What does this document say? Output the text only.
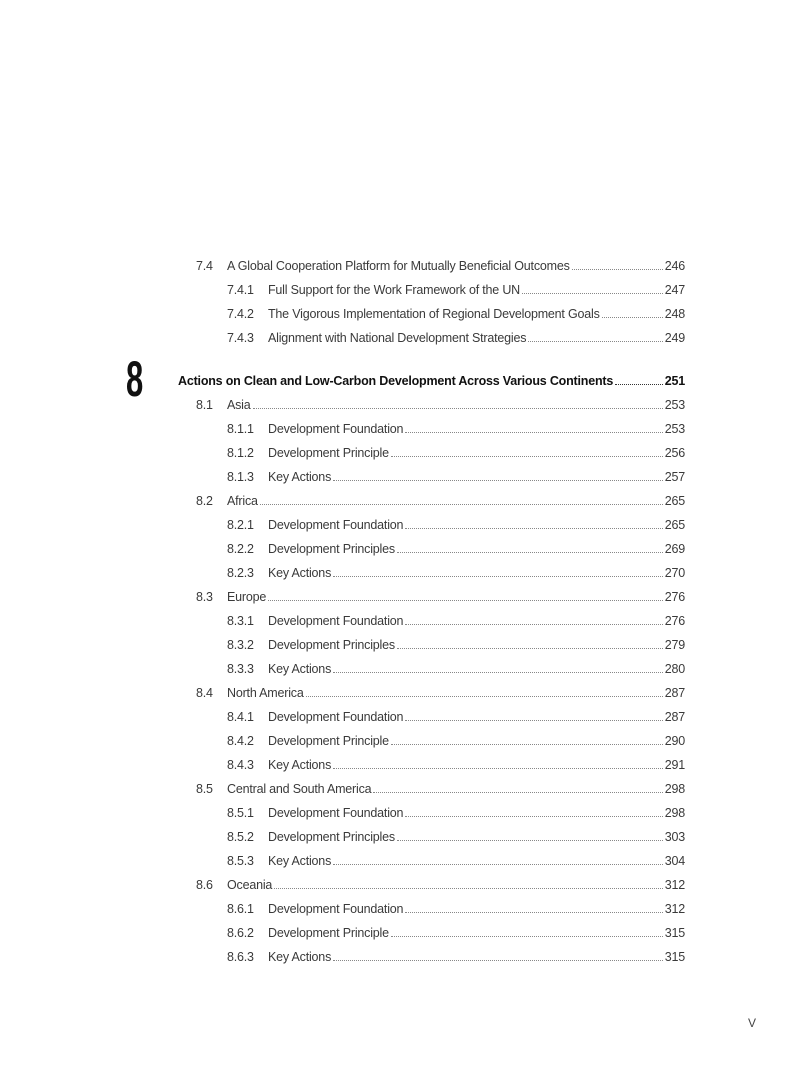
8
7.4 A Global Cooperation Platform for Mutually Beneficial Outcomes	246
7.4.1 Full Support for the Work Framework of the UN	247
7.4.2 The Vigorous Implementation of Regional Development Goals	248
7.4.3 Alignment with National Development Strategies	249
Actions on Clean and Low-Carbon Development Across Various Continents	251
8.1 Asia	253
8.1.1 Development Foundation	253
8.1.2 Development Principle	256
8.1.3 Key Actions	257
8.2 Africa	265
8.2.1 Development Foundation	265
8.2.2 Development Principles	269
8.2.3 Key Actions	270
8.3 Europe	276
8.3.1 Development Foundation	276
8.3.2 Development Principles	279
8.3.3 Key Actions	280
8.4 North America	287
8.4.1 Development Foundation	287
8.4.2 Development Principle	290
8.4.3 Key Actions	291
8.5 Central and South America	298
8.5.1 Development Foundation	298
8.5.2 Development Principles	303
8.5.3 Key Actions	304
8.6 Oceania	312
8.6.1 Development Foundation	312
8.6.2 Development Principle	315
8.6.3 Key Actions	315
V
